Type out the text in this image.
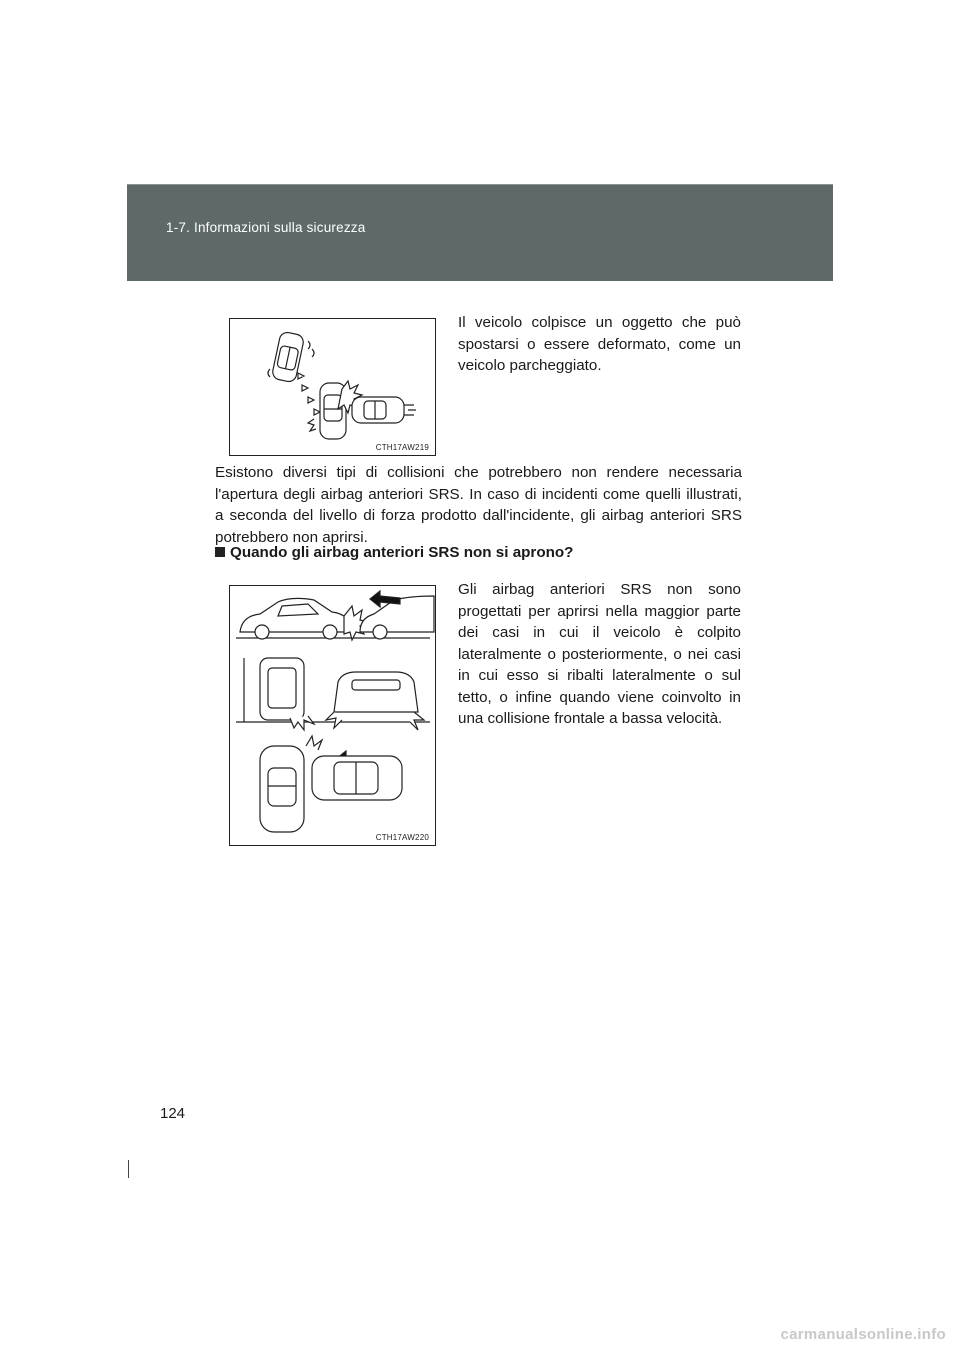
1-7. Informazioni sulla sicurezza
CTH17AW219
Il veicolo colpisce un oggetto che può spostarsi o essere deformato, come un veicolo parcheggiato.
Esistono diversi tipi di collisioni che potrebbero non rendere necessaria l'apertura degli airbag anteriori SRS. In caso di incidenti come quelli illustrati, a seconda del livello di forza prodotto dall'incidente, gli airbag anteriori SRS potrebbero non aprirsi.
Quando gli airbag anteriori SRS non si aprono?
CTH17AW220
Gli airbag anteriori SRS non sono progettati per aprirsi nella maggior parte dei casi in cui il veicolo è colpito lateralmente o posteriormente, o nei casi in cui esso si ribalti lateralmente o sul tetto, o infine quando viene coinvolto in una collisione frontale a bassa velocità.
124
carmanualsonline.info
